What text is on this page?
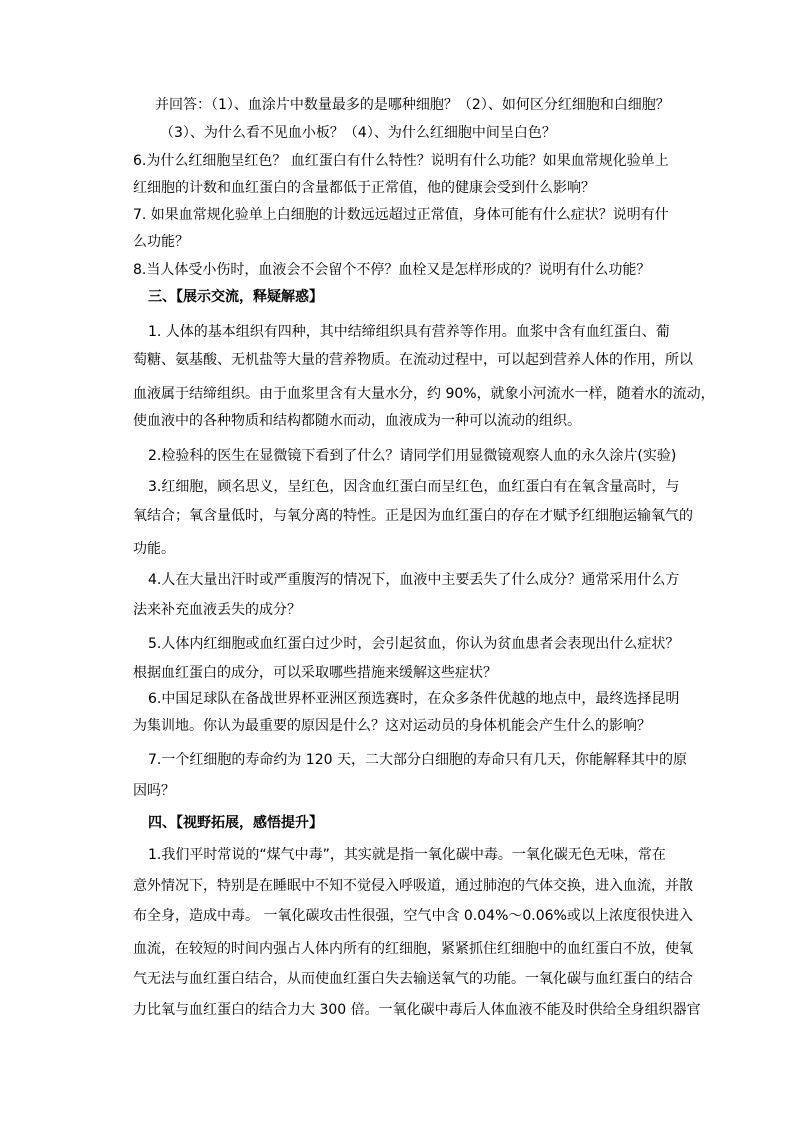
并回答：（1）、血涂片中数量最多的是哪种细胞？（2）、如何区分红细胞和白细胞？
（3）、为什么看不见血小板？（4）、为什么红细胞中间呈白色？
6.为什么红细胞呈红色？ 血红蛋白有什么特性？说明有什么功能？如果血常规化验单上
红细胞的计数和血红蛋白的含量都低于正常值，他的健康会受到什么影响？
7. 如果血常规化验单上白细胞的计数远远超过正常值，身体可能有什么症状？说明有什
么功能？
8.当人体受小伤时，血液会不会留个不停？血栓又是怎样形成的？说明有什么功能？
三、【展示交流，释疑解惑】
1. 人体的基本组织有四种，其中结缔组织具有营养等作用。血浆中含有血红蛋白、葡
萄糖、氨基酸、无机盐等大量的营养物质。在流动过程中，可以起到营养人体的作用，所以
血液属于结缔组织。由于血浆里含有大量水分，约 90%，就象小河流水一样，随着水的流动，
使血液中的各种物质和结构都随水而动，血液成为一种可以流动的组织。
2.检验科的医生在显微镜下看到了什么？请同学们用显微镜观察人血的永久涂片(实验)
3.红细胞，顾名思义，呈红色，因含血红蛋白而呈红色，血红蛋白有在氧含量高时，与
氧结合；氧含量低时，与氧分离的特性。正是因为血红蛋白的存在才赋予红细胞运输氧气的
功能。
4.人在大量出汗时或严重腹泻的情况下，血液中主要丢失了什么成分？通常采用什么方
法来补充血液丢失的成分？
5.人体内红细胞或血红蛋白过少时，会引起贫血，你认为贫血患者会表现出什么症状？
根据血红蛋白的成分，可以采取哪些措施来缓解这些症状？
6.中国足球队在备战世界杯亚洲区预选赛时，在众多条件优越的地点中，最终选择昆明
为集训地。你认为最重要的原因是什么？这对运动员的身体机能会产生什么的影响？
7.一个红细胞的寿命约为 120 天，二大部分白细胞的寿命只有几天，你能解释其中的原
因吗？
四、【视野拓展，感悟提升】
1.我们平时常说的“煤气中毒”，其实就是指一氧化碳中毒。一氧化碳无色无味，常在
意外情况下，特别是在睡眠中不知不觉侵入呼吸道，通过肺泡的气体交换，进入血流，并散
布全身，造成中毒。 一氧化碳攻击性很强，空气中含 0.04%～0.06%或以上浓度很快进入
血流，在较短的时间内强占人体内所有的红细胞，紧紧抓住红细胞中的血红蛋白不放，使氧
气无法与血红蛋白结合，从而使血红蛋白失去输送氧气的功能。一氧化碳与血红蛋白的结合
力比氧与血红蛋白的结合力大 300 倍。一氧化碳中毒后人体血液不能及时供给全身组织器官
